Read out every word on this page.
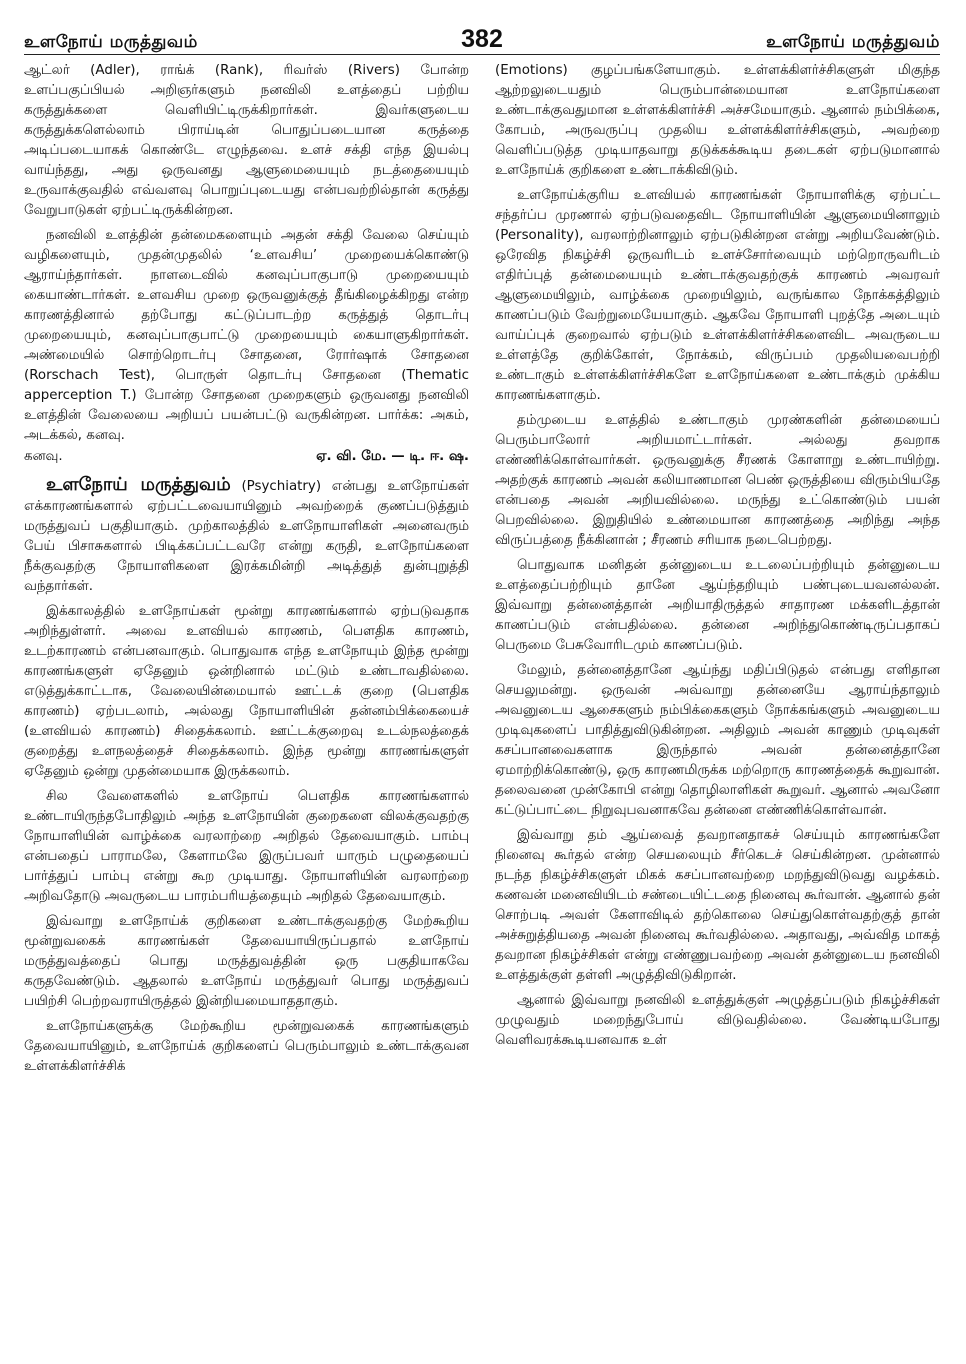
உளநோய் மருத்துவம்	382	உளநோய் மருத்துவம்

ஆட்லர் (Adler), ராங்க் (Rank), ரிவர்ஸ் (Rivers) போன்ற உளப்பகுப்பியல் அறிஞர்களும் நனவிலி உளத்தைப் பற்றிய கருத்துக்களை வெளியிட்டிருக்கிறார்கள். இவர்களுடைய கருத்துக்களெல்லாம் பிராய்டின் பொதுப்படையான கருத்தை அடிப்படையாகக் கொண்டே எழுந்தவை. உளச் சக்தி எந்த இயல்பு வாய்ந்தது, அது ஒருவனது ஆளுமையையும் நடத்தையையும் உருவாக்குவதில் எவ்வளவு பொறுப்புடையது என்பவற்றில்தான் கருத்து வேறுபாடுகள் ஏற்பட்டிருக்கின்றன.

நனவிலி உளத்தின் தன்மைகளையும் அதன் சக்தி வேலை செய்யும் வழிகளையும், முதன்முதலில் ‘உளவசிய’ முறையைக்கொண்டு ஆராய்ந்தார்கள். நாளடைவில் கனவுப்பாகுபாடு முறையையும் கையாண்டார்கள். உளவசிய முறை ஒருவனுக்குத் தீங்கிழைக்கிறது என்ற காரணத்தினால் தற்போது கட்டுப்பாடற்ற கருத்துத் தொடர்பு முறையையும், கனவுப்பாகுபாட்டு முறையையும் கையாளுகிறார்கள். அண்மையில் சொற்றொடர்பு சோதனை, ரோர்ஷாக் சோதனை (Rorschach Test), பொருள் தொடர்பு சோதனை (Thematic apperception T.) போன்ற சோதனை முறைகளும் ஒருவனது நனவிலி உளத்தின் வேலையை அறியப் பயன்பட்டு வருகின்றன. பார்க்க: அகம், அடக்கல், கனவு.

கனவு.	ஏ. வி. மே. — டி. ஈ. ஷ.

உளநோய் மருத்துவம் (Psychiatry) என்பது உளநோய்கள் எக்காரணங்களால் ஏற்பட்டவையாயினும் அவற்றைக் குணப்படுத்தும் மருத்துவப் பகுதியாகும். முற்காலத்தில் உளநோயாளிகள் அனைவரும் பேய் பிசாசுகளால் பிடிக்கப்பட்டவரே என்று கருதி, உளநோய்களை நீக்குவதற்கு நோயாளிகளை இரக்கமின்றி அடித்துத் துன்புறுத்தி வந்தார்கள்.

இக்காலத்தில் உளநோய்கள் மூன்று காரணங்களால் ஏற்படுவதாக அறிந்துள்ளர். அவை உளவியல் காரணம், பௌதிக காரணம், உடற்காரணம் என்பனவாகும். பொதுவாக எந்த உளநோயும் இந்த மூன்று காரணங்களுள் ஏதேனும் ஒன்றினால் மட்டும் உண்டாவதில்லை. எடுத்துக்காட்டாக, வேலையின்மையால் ஊட்டக் குறை (பௌதிக காரணம்) ஏற்படலாம், அல்லது நோயாளியின் தன்னம்பிக்கையைச் (உளவியல் காரணம்) சிதைக்கலாம். ஊட்டக்குறைவு உடல்நலத்தைக் குறைத்து உளநலத்தைச் சிதைக்கலாம். இந்த மூன்று காரணங்களுள் ஏதேனும் ஒன்று முதன்மையாக இருக்கலாம்.

சில வேளைகளில் உளநோய் பௌதிக காரணங்களால் உண்டாயிருந்தபோதிலும் அந்த உளநோயின் குறைகளை விலக்குவதற்கு நோயாளியின் வாழ்க்கை வரலாற்றை அறிதல் தேவையாகும். பாம்பு என்பதைப் பாராமலே, கேளாமலே இருப்பவர் யாரும் பழுதையைப் பார்த்துப் பாம்பு என்று கூற முடியாது. நோயாளியின் வரலாற்றை அறிவதோடு அவருடைய பாரம்பரியத்தையும் அறிதல் தேவையாகும்.

இவ்வாறு உளநோய்க் குறிகளை உண்டாக்குவதற்கு மேற்கூறிய மூன்றுவகைக் காரணங்கள் தேவையாயிருப்பதால் உளநோய் மருத்துவத்தைப் பொது மருத்துவத்தின் ஒரு பகுதியாகவே கருதவேண்டும். ஆதலால் உளநோய் மருத்துவர் பொது மருத்துவப் பயிற்சி பெற்றவராயிருத்தல் இன்றியமையாததாகும்.

உளநோய்களுக்கு மேற்கூறிய மூன்றுவகைக் காரணங்களும் தேவையாயினும், உளநோய்க் குறிகளைப் பெரும்பாலும் உண்டாக்குவன உள்ளக்கிளர்ச்சிக்

(Emotions) குழப்பங்களேயாகும். உள்ளக்கிளர்ச்சிகளுள் மிகுந்த ஆற்றலுடையதும் பெரும்பான்மையான உளநோய்களை உண்டாக்குவதுமான உள்ளக்கிளர்ச்சி அச்சமேயாகும். ஆனால் நம்பிக்கை, கோபம், அருவருப்பு முதலிய உள்ளக்கிளர்ச்சிகளும், அவற்றை வெளிப்படுத்த முடியாதவாறு தடுக்கக்கூடிய தடைகள் ஏற்படுமானால் உளநோய்க் குறிகளை உண்டாக்கிவிடும்.

உளநோய்க்குரிய உளவியல் காரணங்கள் நோயாளிக்கு ஏற்பட்ட சந்தர்ப்ப முரணால் ஏற்படுவதைவிட நோயாளியின் ஆளுமையினாலும் (Personality), வரலாற்றினாலும் ஏற்படுகின்றன என்று அறியவேண்டும். ஒரேவித நிகழ்ச்சி ஒருவரிடம் உளச்சோர்வையும் மற்றொருவரிடம் எதிர்ப்புத் தன்மையையும் உண்டாக்குவதற்குக் காரணம் அவரவர் ஆளுமையிலும், வாழ்க்கை முறையிலும், வருங்கால நோக்கத்திலும் காணப்படும் வேற்றுமையேயாகும். ஆகவே நோயாளி புறத்தே அடையும் வாய்ப்புக் குறைவால் ஏற்படும் உள்ளக்கிளர்ச்சிகளைவிட அவருடைய உள்ளத்தே குறிக்கோள், நோக்கம், விருப்பம் முதலியவைபற்றி உண்டாகும் உள்ளக்கிளர்ச்சிகளே உளநோய்களை உண்டாக்கும் முக்கிய காரணங்களாகும்.

தம்முடைய உளத்தில் உண்டாகும் முரண்களின் தன்மையைப் பெரும்பாலோர் அறியமாட்டார்கள். அல்லது தவறாக எண்ணிக்கொள்வார்கள். ஒருவனுக்கு சீரணக் கோளாறு உண்டாயிற்று. அதற்குக் காரணம் அவன் கலியாணமான பெண் ஒருத்தியை விரும்பியதே என்பதை அவன் அறியவில்லை. மருந்து உட்கொண்டும் பயன் பெறவில்லை. இறுதியில் உண்மையான காரணத்தை அறிந்து அந்த விருப்பத்தை நீக்கினான் ; சீரணம் சரியாக நடைபெற்றது.

பொதுவாக மனிதன் தன்னுடைய உடலைப்பற்றியும் தன்னுடைய உளத்தைப்பற்றியும் தானே ஆய்ந்தறியும் பண்புடையவனல்லன். இவ்வாறு தன்னைத்தான் அறியாதிருத்தல் சாதாரண மக்களிடத்தான் காணப்படும் என்பதில்லை. தன்னை அறிந்துகொண்டிருப்பதாகப் பெருமை பேசுவோரிடமும் காணப்படும்.

மேலும், தன்னைத்தானே ஆய்ந்து மதிப்பிடுதல் என்பது எளிதான செயலுமன்று. ஒருவன் அவ்வாறு தன்னையே ஆராய்ந்தாலும் அவனுடைய ஆசைகளும் நம்பிக்கைகளும் நோக்கங்களும் அவனுடைய முடிவுகளைப் பாதித்துவிடுகின்றன. அதிலும் அவன் காணும் முடிவுகள் கசப்பானவைகளாக இருந்தால் அவன் தன்னைத்தானே ஏமாற்றிக்கொண்டு, ஒரு காரணமிருக்க மற்றொரு காரணத்தைக் கூறுவான். தலைவனை முன்கோபி என்று தொழிலாளிகள் கூறுவர். ஆனால் அவனோ கட்டுப்பாட்டை நிறுவுபவனாகவே தன்னை எண்ணிக்கொள்வான்.

இவ்வாறு தம் ஆய்வைத் தவறானதாகச் செய்யும் காரணங்களே நினைவு கூர்தல் என்ற செயலையும் சீர்கெடச் செய்கின்றன. முன்னால் நடந்த நிகழ்ச்சிகளுள் மிகக் கசப்பானவற்றை மறந்துவிடுவது வழக்கம். கணவன் மனைவியிடம் சண்டையிட்டதை நினைவு கூர்வான். ஆனால் தன் சொற்படி அவள் கேளாவிடில் தற்கொலை செய்துகொள்வதற்குத் தான் அச்சுறுத்தியதை அவன் நினைவு கூர்வதில்லை. அதாவது, அவ்வித மாகத் தவறான நிகழ்ச்சிகள் என்று எண்ணுபவற்றை அவன் தன்னுடைய நனவிலி உளத்துக்குள் தள்ளி அழுத்திவிடுகிறான்.

ஆனால் இவ்வாறு நனவிலி உளத்துக்குள் அழுத்தப்படும் நிகழ்ச்சிகள் முழுவதும் மறைந்துபோய் விடுவதில்லை. வேண்டியபோது வெளிவரக்கூடியனவாக உள்
